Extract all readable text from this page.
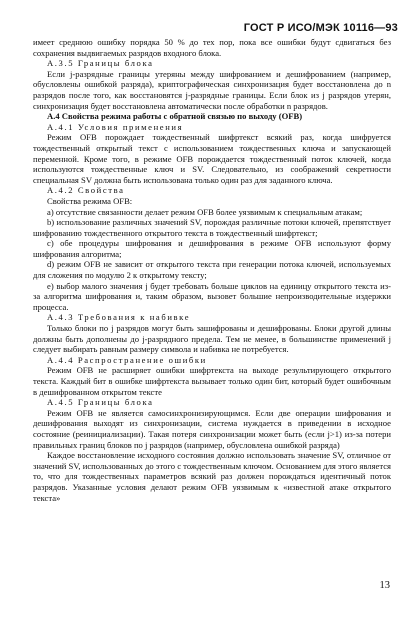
ГОСТ Р ИСО/МЭК 10116—93

имеет среднюю ошибку порядка 50 % до тех пор, пока все ошибки будут сдвигаться без сохранения выдвигаемых разрядов входного блока.

А.3.5 Границы блока

Если j-разрядные границы утеряны между шифрованием и дешифрованием (например, обусловлены ошибкой разряда), криптографическая синхронизация будет восстановлена до n разрядов после того, как восстановятся j-разрядные границы. Если блок из j разрядов утерян, синхронизация будет восстановлена автоматически после обработки n разрядов.

А.4 Свойства режима работы с обратной связью по выходу (OFB)

А.4.1 Условия применения

Режим OFB порождает тождественный шифртекст всякий раз, когда шифруется тождественный открытый текст с использованием тождественных ключа и запускающей переменной. Кроме того, в режиме OFB порождается тождественный поток ключей, когда используются тождественные ключ и SV. Следовательно, из соображений секретности специальная SV должна быть использована только один раз для заданного ключа.

А.4.2 Свойства

Свойства режима OFB:

a) отсутствие связанности делает режим OFB более уязвимым к специальным атакам;

b) использование различных значений SV, порождая различные потоки ключей, препятствует шифрованию тождественного открытого текста в тождественный шифртекст;

c) обе процедуры шифрования и дешифрования в режиме OFB используют форму шифрования алгоритма;

d) режим OFB не зависит от открытого текста при генерации потока ключей, используемых для сложения по модулю 2 к открытому тексту;

e) выбор малого значения j будет требовать больше циклов на единицу открытого текста из-за алгоритма шифрования и, таким образом, вызовет большие непроизводительные издержки процесса.

А.4.3 Требования к набивке

Только блоки по j разрядов могут быть зашифрованы и дешифрованы. Блоки другой длины должны быть дополнены до j-разрядного предела. Тем не менее, в большинстве применений j следует выбирать равным размеру символа и набивка не потребуется.

А.4.4 Распространение ошибки

Режим OFB не расширяет ошибки шифртекста на выходе результирующего открытого текста. Каждый бит в ошибке шифртекста вызывает только один бит, который будет ошибочным в дешифрованном открытом тексте

А.4.5 Границы блока

Режим OFB не является самосинхронизирующимся. Если две операции шифрования и дешифрования выходят из синхронизации, система нуждается в приведении в исходное состояние (реинициализации). Такая потеря синхронизации может быть (если j>1) из-за потери правильных границ блоков по j разрядов (например, обусловлена ошибкой разряда)

Каждое восстановление исходного состояния должно использовать значение SV, отличное от значений SV, использованных до этого с тождественным ключом. Основанием для этого является то, что для тождественных параметров всякий раз должен порождаться идентичный поток разрядов. Указанные условия делают режим OFB уязвимым к «известной атаке открытого текста»

13
